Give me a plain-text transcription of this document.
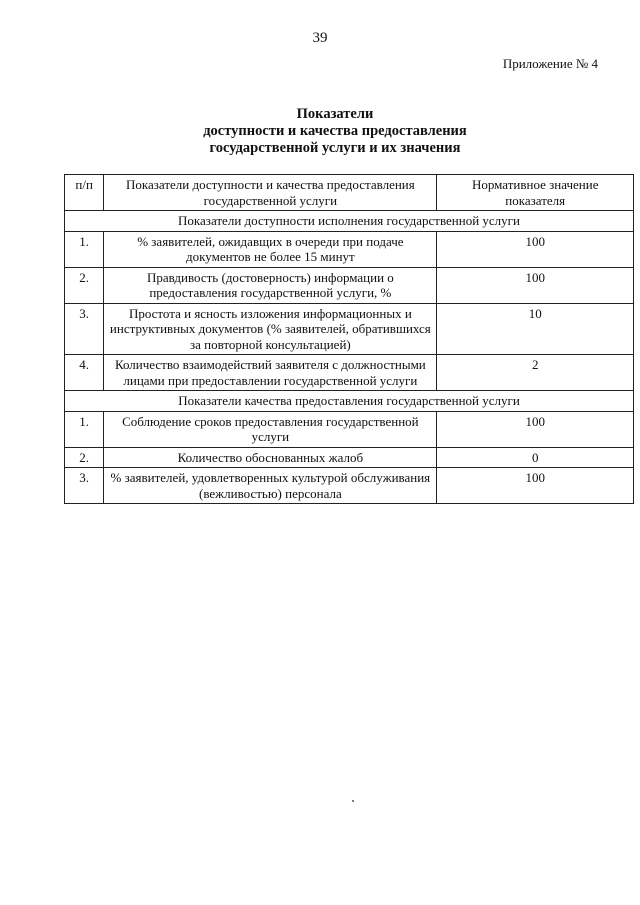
39
Приложение № 4
Показатели
доступности и качества предоставления
государственной услуги и их значения
п/п	Показатели доступности и качества предоставления государственной услуги	Нормативное значение показателя
Показатели доступности исполнения государственной услуги		
1.	% заявителей, ожидавщих в очереди при подаче документов не более 15 минут	100
2.	Правдивость (достоверность) информации о предоставления государственной услуги, %	100
3.	Простота и ясность изложения информационных и инструктивных документов (% заявителей, обратившихся за повторной консультацией)	10
4.	Количество взаимодействий заявителя с должностными лицами при предоставлении государственной услуги	2
Показатели качества предоставления государственной услуги		
1.	Соблюдение сроков предоставления государственной услуги	100
2.	Количество обоснованных жалоб	0
3.	% заявителей, удовлетворенных культурой обслуживания (вежливостью) персонала	100
